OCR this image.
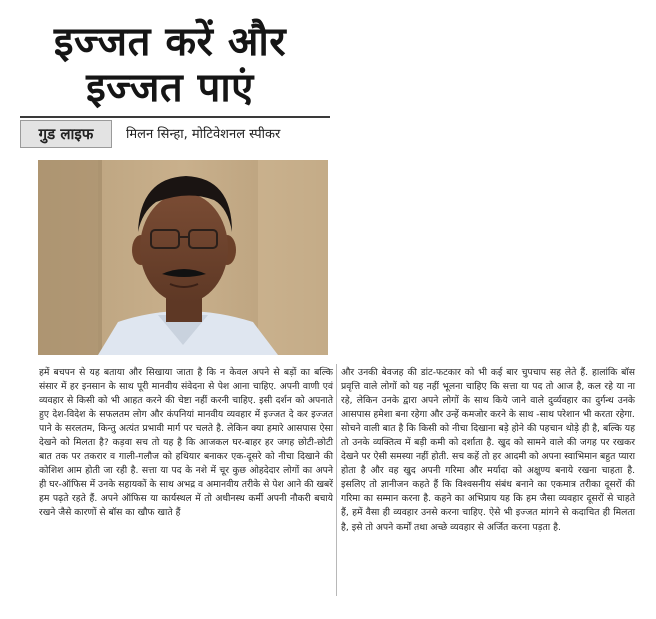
इज्जत करें और
इज्जत पाएं
गुड लाइफ	मिलन सिन्हा, मोटिवेशनल स्पीकर

हमें बचपन से यह बताया और सिखाया जाता है कि न केवल अपने से बड़ों का बल्कि संसार में हर इनसान के साथ पूरी मानवीय संवेदना से पेश आना चाहिए. अपनी वाणी एवं व्यवहार से किसी को भी आहत करने की चेष्टा नहीं करनी चाहिए. इसी दर्शन को अपनाते हुए देश-विदेश के सफलतम लोग और कंपनियां मानवीय व्यवहार में इज्जत दे कर इज्जत पाने के सरलतम, किन्तु अत्यंत प्रभावी मार्ग पर चलते है. लेकिन क्या हमारे आसपास ऐसा देखने को मिलता है? कड़वा सच तो यह है कि आजकल घर-बाहर हर जगह छोटी-छोटी बात तक पर तकरार व गाली-गलौज को हथियार बनाकर एक-दूसरे को नीचा दिखाने की कोशिश आम होती जा रही है. सत्ता या पद के नशे में चूर कुछ ओहदेदार लोगों का अपने ही घर-ऑफिस में उनके सहायकों के साथ अभद्र व अमानवीय तरीके से पेश आने की खबरें हम पढ़ते रहते हैं. अपने ऑफिस या कार्यस्थल में तो अधीनस्थ कर्मी अपनी नौकरी बचाये रखने जैसे कारणों से बॉस का खौफ खाते हैं

और उनकी बेवजह की डांट-फटकार को भी कई बार चुपचाप सह लेते हैं. हालांकि बॉस प्रवृत्ति वाले लोगों को यह नहीं भूलना चाहिए कि सत्ता या पद तो आज है, कल रहे या ना रहे, लेकिन उनके द्वारा अपने लोगों के साथ किये जाने वाले दुर्व्यवहार का दुर्गन्ध उनके आसपास हमेशा बना रहेगा और उन्हें कमजोर करने के साथ -साथ परेशान भी करता रहेगा.

सोचने वाली बात है कि किसी को नीचा दिखाना बड़े होने की पहचान थोड़े ही है, बल्कि यह तो उनके व्यक्तित्व में बड़ी कमी को दर्शाता है. खुद को सामने वाले की जगह पर रखकर देखने पर ऐसी समस्या नहीं होती. सच कहें तो हर आदमी को अपना स्वाभिमान बहुत प्यारा होता है और वह खुद अपनी गरिमा और मर्यादा को अक्षुण्य बनाये रखना चाहता है. इसलिए तो ज्ञानीजन कहते हैं कि विश्वसनीय संबंध बनाने का एकमात्र तरीका दूसरों की गरिमा का सम्मान करना है. कहने का अभिप्राय यह कि हम जैसा व्यवहार दूसरों से चाहते हैं, हमें वैसा ही व्यवहार उनसे करना चाहिए. ऐसे भी इज्जत मांगने से कदाचित ही मिलता है, इसे तो अपने कर्मों तथा अच्छे व्यवहार से अर्जित करना पड़ता है.
